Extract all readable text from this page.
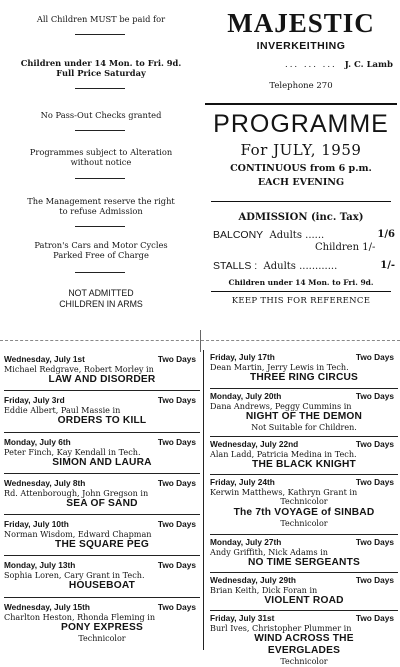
All Children MUST be paid for
Children under 14 Mon. to Fri. 9d.
Full Price Saturday
No Pass-Out Checks granted
Programmes subject to Alteration
without notice
The Management reserve the right
to refuse Admission
Patron's Cars and Motor Cycles
Parked Free of Charge
NOT ADMITTED
CHILDREN IN ARMS
MAJESTIC
INVERKEITHING
... ... ... J. C. Lamb
Telephone 270
PROGRAMME
For JULY, 1959
CONTINUOUS from 6 p.m.
EACH EVENING
ADMISSION (inc. Tax)
BALCONY Adults ......	1/6
Children 1/-
STALLS : Adults ............	1/-
Children under 14 Mon. to Fri. 9d.
KEEP THIS FOR REFERENCE
Wednesday, July 1st	Two Days
Michael Redgrave, Robert Morley in
LAW AND DISORDER
Friday, July 3rd	Two Days
Eddie Albert, Paul Massie in
ORDERS TO KILL
Monday, July 6th	Two Days
Peter Finch, Kay Kendall in Tech.
SIMON AND LAURA
Wednesday, July 8th	Two Days
Rd. Attenborough, John Gregson in
SEA OF SAND
Friday, July 10th	Two Days
Norman Wisdom, Edward Chapman
THE SQUARE PEG
Monday, July 13th	Two Days
Sophia Loren, Cary Grant in Tech.
HOUSEBOAT
Wednesday, July 15th	Two Days
Charlton Heston, Rhonda Fleming in
PONY EXPRESS
Technicolor
Friday, July 17th	Two Days
Dean Martin, Jerry Lewis in Tech.
THREE RING CIRCUS
Monday, July 20th	Two Days
Dana Andrews, Peggy Cummins in
NIGHT OF THE DEMON
Not Suitable for Children.
Wednesday, July 22nd	Two Days
Alan Ladd, Patricia Medina in Tech.
THE BLACK KNIGHT
Friday, July 24th	Two Days
Kerwin Matthews, Kathryn Grant in
Technicolor
The 7th VOYAGE of SINBAD
Technicolor
Monday, July 27th	Two Days
Andy Griffith, Nick Adams in
NO TIME SERGEANTS
Wednesday, July 29th	Two Days
Brian Keith, Dick Foran in
VIOLENT ROAD
Friday, July 31st	Two Days
Burl Ives, Christopher Plummer in
WIND ACROSS THE
EVERGLADES
Technicolor
